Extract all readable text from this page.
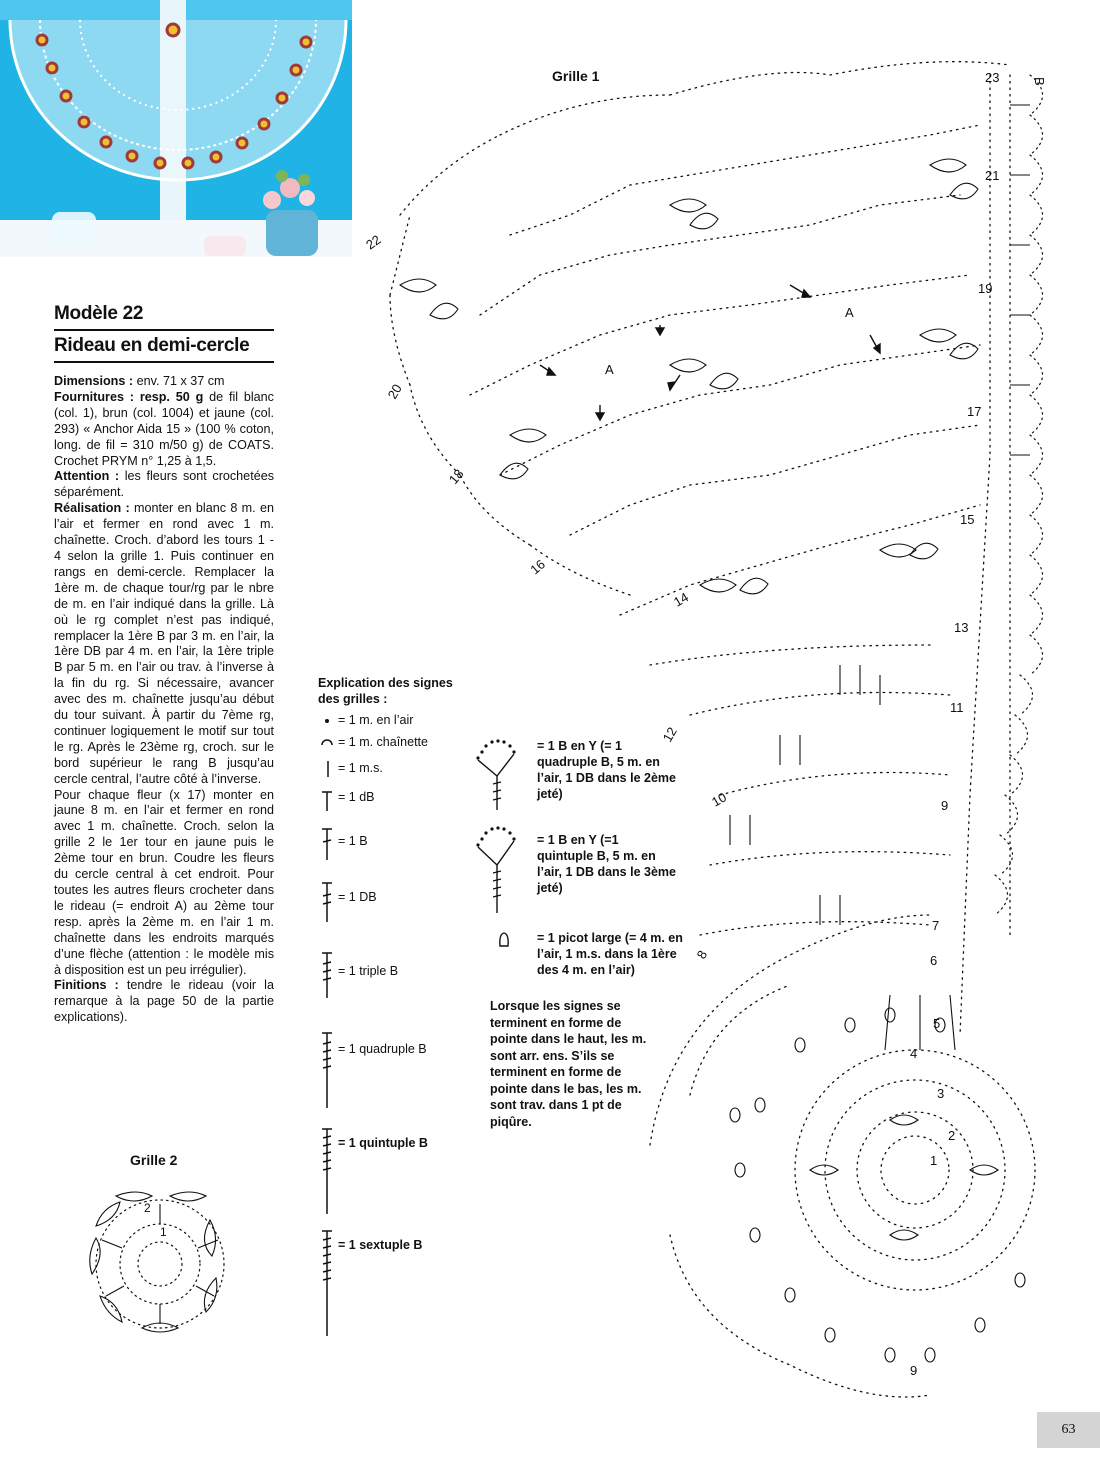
Modèle 22
Rideau en demi-cercle

Dimensions : env. 71 x 37 cm

Fournitures : resp. 50 g de fil blanc (col. 1), brun (col. 1004) et jaune (col. 293) « Anchor Aida 15 » (100 % coton, long. de fil = 310 m/50 g) de COATS. Crochet PRYM n° 1,25 à 1,5.

Attention : les fleurs sont crochetées séparément.

Réalisation : monter en blanc 8 m. en l’air et fermer en rond avec 1 m. chaînette. Croch. d’abord les tours 1 - 4 selon la grille 1. Puis continuer en rangs en demi-cercle. Remplacer la 1ère m. de chaque tour/rg par le nbre de m. en l’air indiqué dans la grille. Là où le rg complet n’est pas indiqué, remplacer la 1ère B par 3 m. en l’air, la 1ère DB par 4 m. en l’air, la 1ère triple B par 5 m. en l’air ou trav. à l’inverse à la fin du rg. Si nécessaire, avancer avec des m. chaînette jusqu’au début du tour suivant. À partir du 7ème rg, continuer logiquement le motif sur tout le rg. Après le 23ème rg, croch. sur le bord supérieur le rang B jusqu’au cercle central, l’autre côté à l’inverse.

Pour chaque fleur (x 17) monter en jaune 8 m. en l’air et fermer en rond avec 1 m. chaînette. Croch. selon la grille 2 le 1er tour en jaune puis le 2ème tour en brun. Coudre les fleurs du cercle central à cet endroit. Pour toutes les autres fleurs crocheter dans le rideau (= endroit A) au 2ème tour resp. après la 2ème m. en l’air 1 m. chaînette dans les endroits marqués d’une flèche (attention : le modèle mis à disposition est un peu irrégulier).

Finitions : tendre le rideau (voir la remarque à la page 50 de la partie explications).

Explication des signes des grilles :
= 1 m. en l’air
= 1 m. chaînette
= 1 m.s.
= 1 dB
= 1 B
= 1 DB
= 1 triple B
= 1 quadruple B
= 1 quintuple B
= 1 sextuple B
= 1 B en Y (= 1 quadruple B, 5 m. en l’air, 1 DB dans le 2ème jeté)
= 1 B en Y (=1 quintuple B, 5 m. en l’air, 1 DB dans le 3ème jeté)
= 1 picot large (= 4 m. en l’air, 1 m.s. dans la 1ère des 4 m. en l’air)
Lorsque les signes se terminent en forme de pointe dans le haut, les m. sont arr. ens. S’ils se terminent en forme de pointe dans le bas, les m. sont trav. dans 1 pt de piqûre.
Grille 1
Grille 2
A
A
B
23
22
21
20
19
18
17
16
15
14
13
12
11
10	9
8
7
6
5
4
3
2
1
9
2
1
63
